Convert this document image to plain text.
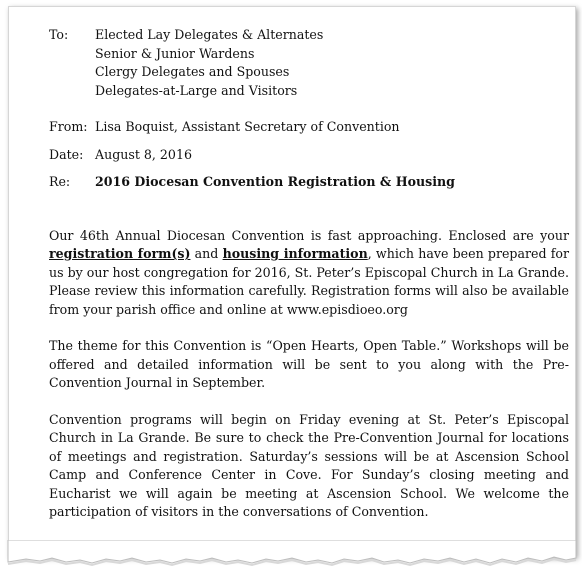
To: Elected Lay Delegates & Alternates
Senior & Junior Wardens
Clergy Delegates and Spouses
Delegates-at-Large and Visitors
From: Lisa Boquist, Assistant Secretary of Convention
Date: August 8, 2016
Re: 2016 Diocesan Convention Registration & Housing

Our 46th Annual Diocesan Convention is fast approaching. Enclosed are your registration form(s) and housing information, which have been prepared for us by our host congregation for 2016, St. Peter’s Episcopal Church in La Grande. Please review this information carefully. Registration forms will also be available from your parish office and online at www.episdioeo.org

The theme for this Convention is “Open Hearts, Open Table.” Workshops will be offered and detailed information will be sent to you along with the Pre-Convention Journal in September.

Convention programs will begin on Friday evening at St. Peter’s Episcopal Church in La Grande. Be sure to check the Pre-Convention Journal for locations of meetings and registration. Saturday’s sessions will be at Ascension School Camp and Conference Center in Cove. For Sunday’s closing meeting and Eucharist we will again be meeting at Ascension School. We welcome the participation of visitors in the conversations of Convention.
